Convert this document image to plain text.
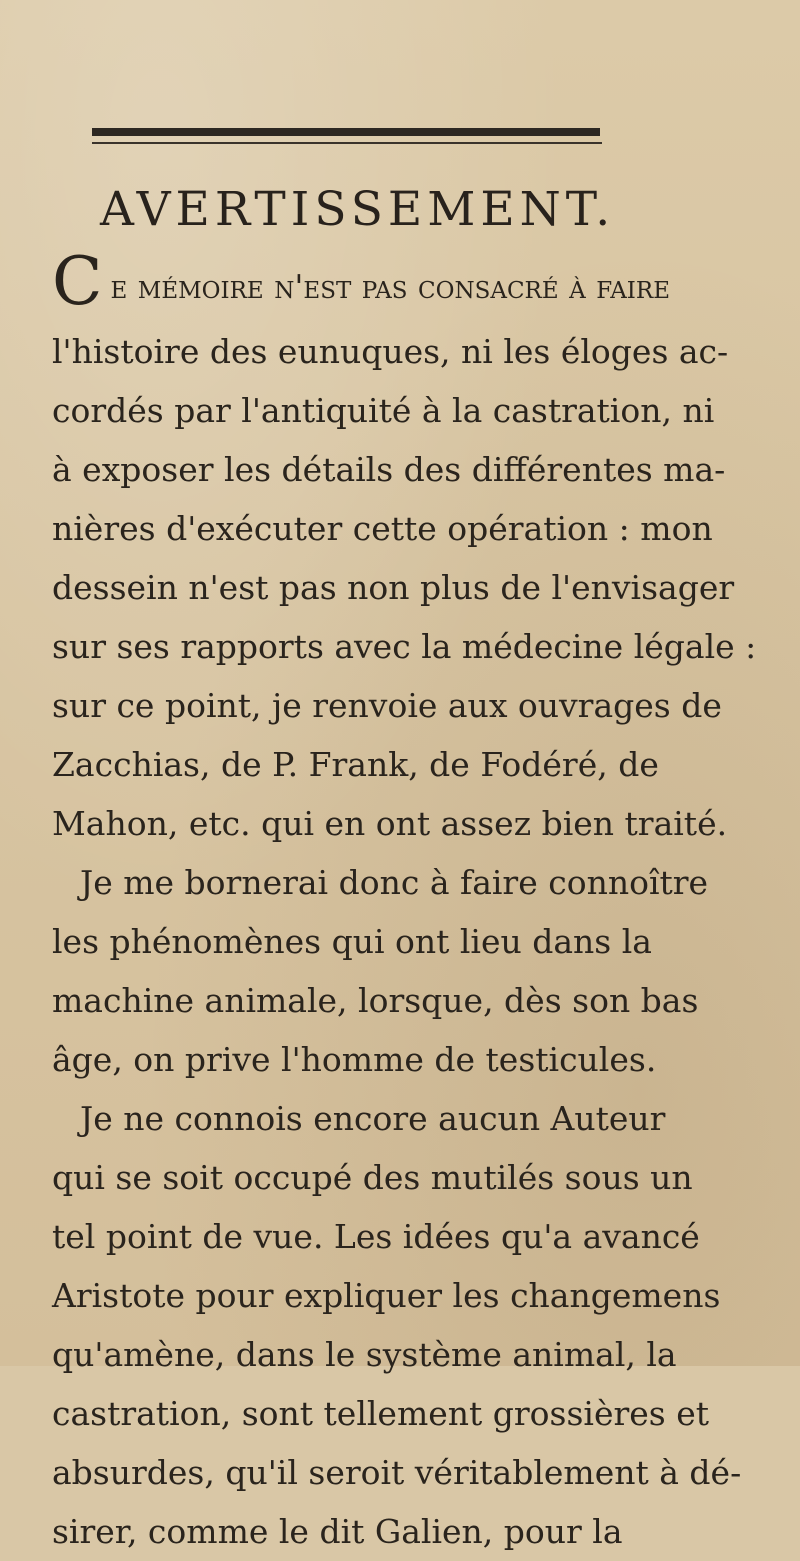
AVERTISSEMENT.
Ce mémoire n'est pas consacré à faire
l'histoire des eunuques, ni les éloges ac-
cordés par l'antiquité à la castration, ni
à exposer les détails des différentes ma-
nières d'exécuter cette opération : mon
dessein n'est pas non plus de l'envisager
sur ses rapports avec la médecine légale :
sur ce point, je renvoie aux ouvrages de
Zacchias, de P. Frank, de Fodéré, de
Mahon, etc. qui en ont assez bien traité.
Je me bornerai donc à faire connoître
les phénomènes qui ont lieu dans la
machine animale, lorsque, dès son bas
âge, on prive l'homme de testicules.
Je ne connois encore aucun Auteur
qui se soit occupé des mutilés sous un
tel point de vue. Les idées qu'a avancé
Aristote pour expliquer les changemens
qu'amène, dans le système animal, la
castration, sont tellement grossières et
absurdes, qu'il seroit véritablement à dé-
sirer, comme le dit Galien, pour la
